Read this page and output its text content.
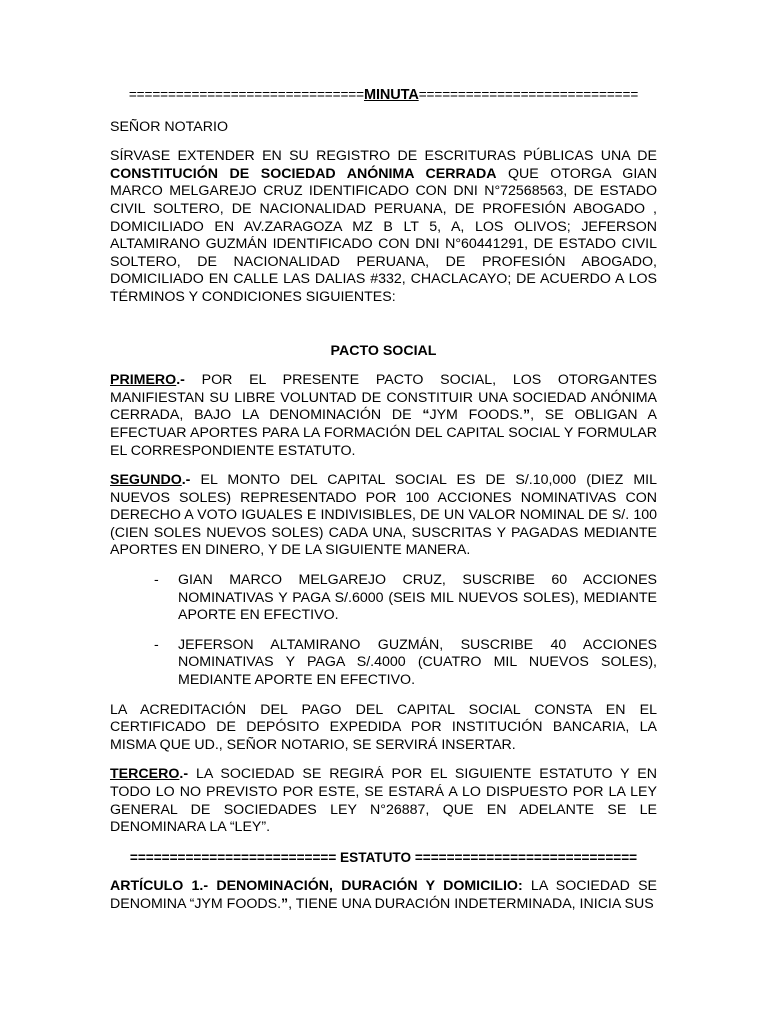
==============================MINUTA============================

SEÑOR NOTARIO

SÍRVASE EXTENDER EN SU REGISTRO DE ESCRITURAS PÚBLICAS UNA DE CONSTITUCIÓN DE SOCIEDAD ANÓNIMA CERRADA QUE OTORGA GIAN MARCO MELGAREJO CRUZ IDENTIFICADO CON DNI N°72568563, DE ESTADO CIVIL SOLTERO, DE NACIONALIDAD PERUANA, DE PROFESIÓN ABOGADO , DOMICILIADO EN AV.ZARAGOZA MZ B LT 5, A, LOS OLIVOS; JEFERSON ALTAMIRANO GUZMÁN IDENTIFICADO CON DNI N°60441291, DE ESTADO CIVIL SOLTERO, DE NACIONALIDAD PERUANA, DE PROFESIÓN ABOGADO, DOMICILIADO EN CALLE LAS DALIAS #332, CHACLACAYO; DE ACUERDO A LOS TÉRMINOS Y CONDICIONES SIGUIENTES:

PACTO SOCIAL

PRIMERO.- POR EL PRESENTE PACTO SOCIAL, LOS OTORGANTES MANIFIESTAN SU LIBRE VOLUNTAD DE CONSTITUIR UNA SOCIEDAD ANÓNIMA CERRADA, BAJO LA DENOMINACIÓN DE “JYM FOODS.”, SE OBLIGAN A EFECTUAR APORTES PARA LA FORMACIÓN DEL CAPITAL SOCIAL Y FORMULAR EL CORRESPONDIENTE ESTATUTO.

SEGUNDO.- EL MONTO DEL CAPITAL SOCIAL ES DE S/.10,000 (DIEZ MIL NUEVOS SOLES) REPRESENTADO POR 100 ACCIONES NOMINATIVAS CON DERECHO A VOTO IGUALES E INDIVISIBLES, DE UN VALOR NOMINAL DE S/. 100 (CIEN SOLES NUEVOS SOLES) CADA UNA, SUSCRITAS Y PAGADAS MEDIANTE APORTES EN DINERO, Y DE LA SIGUIENTE MANERA.

- GIAN MARCO MELGAREJO CRUZ, SUSCRIBE 60 ACCIONES NOMINATIVAS Y PAGA S/.6000 (SEIS MIL NUEVOS SOLES), MEDIANTE APORTE EN EFECTIVO.
- JEFERSON ALTAMIRANO GUZMÁN, SUSCRIBE 40 ACCIONES NOMINATIVAS Y PAGA S/.4000 (CUATRO MIL NUEVOS SOLES), MEDIANTE APORTE EN EFECTIVO.

LA ACREDITACIÓN DEL PAGO DEL CAPITAL SOCIAL CONSTA EN EL CERTIFICADO DE DEPÓSITO EXPEDIDA POR INSTITUCIÓN BANCARIA, LA MISMA QUE UD., SEÑOR NOTARIO, SE SERVIRÁ INSERTAR.

TERCERO.- LA SOCIEDAD SE REGIRÁ POR EL SIGUIENTE ESTATUTO Y EN TODO LO NO PREVISTO POR ESTE, SE ESTARÁ A LO DISPUESTO POR LA LEY GENERAL DE SOCIEDADES LEY N°26887, QUE EN ADELANTE SE LE DENOMINARA LA “LEY”.

========================== ESTATUTO ============================

ARTÍCULO 1.- DENOMINACIÓN, DURACIÓN Y DOMICILIO: LA SOCIEDAD SE DENOMINA “JYM FOODS.”, TIENE UNA DURACIÓN INDETERMINADA, INICIA SUS
